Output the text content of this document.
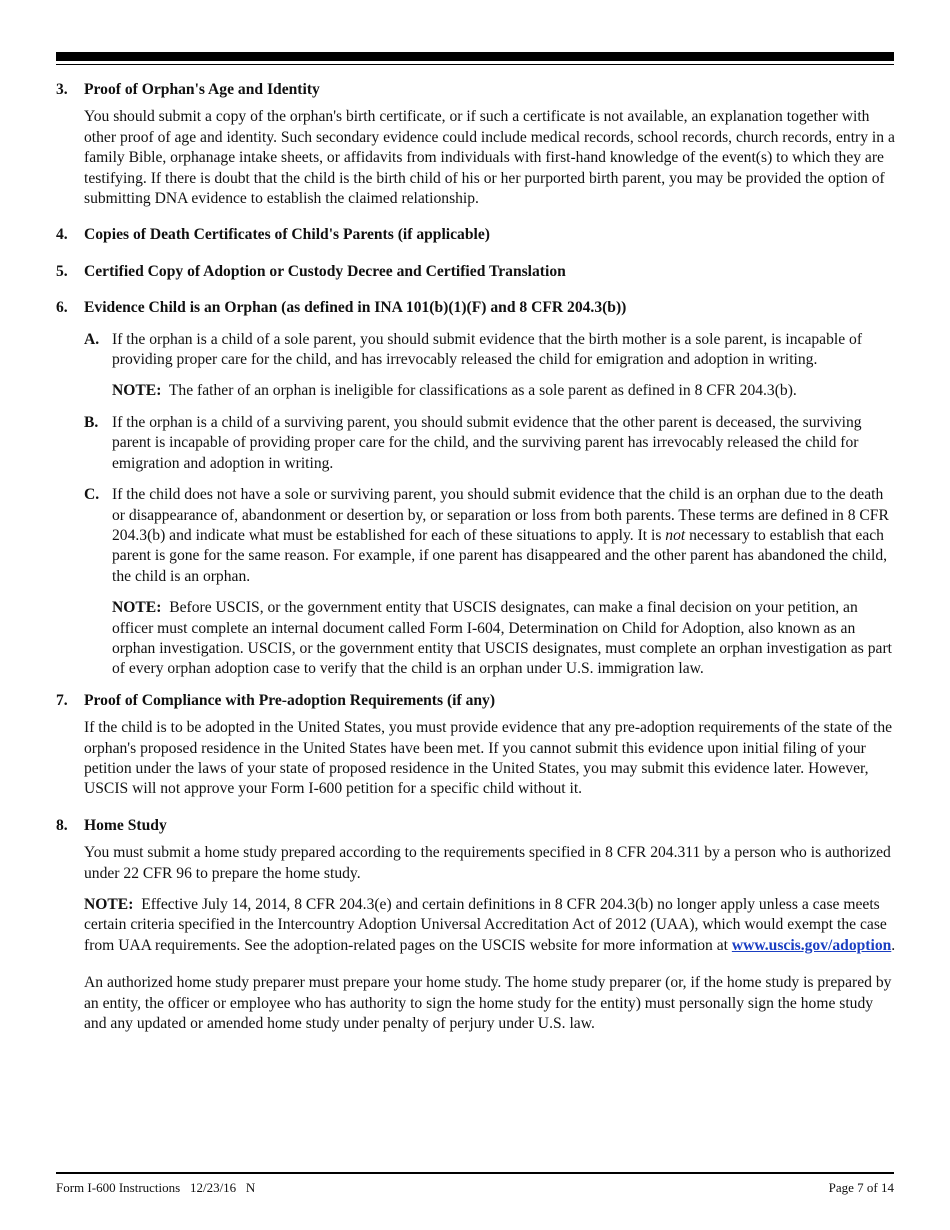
3.	Proof of Orphan's Age and Identity
You should submit a copy of the orphan's birth certificate, or if such a certificate is not available, an explanation together with other proof of age and identity. Such secondary evidence could include medical records, school records, church records, entry in a family Bible, orphanage intake sheets, or affidavits from individuals with first-hand knowledge of the event(s) to which they are testifying. If there is doubt that the child is the birth child of his or her purported birth parent, you may be provided the option of submitting DNA evidence to establish the claimed relationship.
4.	Copies of Death Certificates of Child's Parents (if applicable)
5.	Certified Copy of Adoption or Custody Decree and Certified Translation
6.	Evidence Child is an Orphan (as defined in INA 101(b)(1)(F) and 8 CFR 204.3(b))
A. If the orphan is a child of a sole parent, you should submit evidence that the birth mother is a sole parent, is incapable of providing proper care for the child, and has irrevocably released the child for emigration and adoption in writing.
NOTE: The father of an orphan is ineligible for classifications as a sole parent as defined in 8 CFR 204.3(b).
B. If the orphan is a child of a surviving parent, you should submit evidence that the other parent is deceased, the surviving parent is incapable of providing proper care for the child, and the surviving parent has irrevocably released the child for emigration and adoption in writing.
C. If the child does not have a sole or surviving parent, you should submit evidence that the child is an orphan due to the death or disappearance of, abandonment or desertion by, or separation or loss from both parents. These terms are defined in 8 CFR 204.3(b) and indicate what must be established for each of these situations to apply. It is not necessary to establish that each parent is gone for the same reason. For example, if one parent has disappeared and the other parent has abandoned the child, the child is an orphan.
NOTE: Before USCIS, or the government entity that USCIS designates, can make a final decision on your petition, an officer must complete an internal document called Form I-604, Determination on Child for Adoption, also known as an orphan investigation. USCIS, or the government entity that USCIS designates, must complete an orphan investigation as part of every orphan adoption case to verify that the child is an orphan under U.S. immigration law.
7.	Proof of Compliance with Pre-adoption Requirements (if any)
If the child is to be adopted in the United States, you must provide evidence that any pre-adoption requirements of the state of the orphan's proposed residence in the United States have been met. If you cannot submit this evidence upon initial filing of your petition under the laws of your state of proposed residence in the United States, you may submit this evidence later. However, USCIS will not approve your Form I-600 petition for a specific child without it.
8.	Home Study
You must submit a home study prepared according to the requirements specified in 8 CFR 204.311 by a person who is authorized under 22 CFR 96 to prepare the home study.
NOTE: Effective July 14, 2014, 8 CFR 204.3(e) and certain definitions in 8 CFR 204.3(b) no longer apply unless a case meets certain criteria specified in the Intercountry Adoption Universal Accreditation Act of 2012 (UAA), which would exempt the case from UAA requirements. See the adoption-related pages on the USCIS website for more information at www.uscis.gov/adoption.
An authorized home study preparer must prepare your home study. The home study preparer (or, if the home study is prepared by an entity, the officer or employee who has authority to sign the home study for the entity) must personally sign the home study and any updated or amended home study under penalty of perjury under U.S. law.
Form I-600 Instructions   12/23/16   N	Page 7 of 14
